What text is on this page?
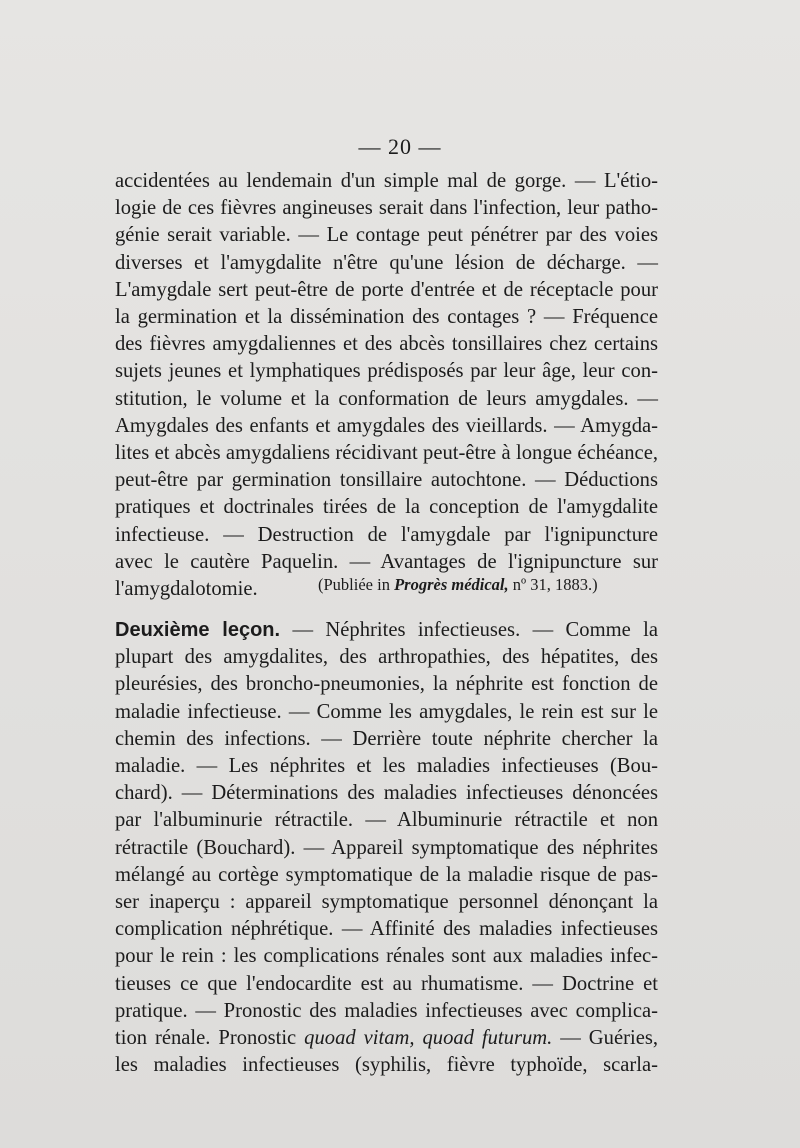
— 20 —
accidentées au lendemain d'un simple mal de gorge. — L'étio-
logie de ces fièvres angineuses serait dans l'infection, leur patho-
génie serait variable. — Le contage peut pénétrer par des voies
diverses et l'amygdalite n'être qu'une lésion de décharge. —
L'amygdale sert peut-être de porte d'entrée et de réceptacle pour
la germination et la dissémination des contages ? — Fréquence
des fièvres amygdaliennes et des abcès tonsillaires chez certains
sujets jeunes et lymphatiques prédisposés par leur âge, leur con-
stitution, le volume et la conformation de leurs amygdales. —
Amygdales des enfants et amygdales des vieillards. — Amygda-
lites et abcès amygdaliens récidivant peut-être à longue échéance,
peut-être par germination tonsillaire autochtone. — Déductions
pratiques et doctrinales tirées de la conception de l'amygdalite
infectieuse. — Destruction de l'amygdale par l'ignipuncture
avec le cautère Paquelin. — Avantages de l'ignipuncture sur
l'amygdalotomie.	(Publiée in Progrès médical, nº 31, 1883.)
Deuxième leçon. — Néphrites infectieuses. — Comme la
plupart des amygdalites, des arthropathies, des hépatites, des
pleurésies, des broncho-pneumonies, la néphrite est fonction de
maladie infectieuse. — Comme les amygdales, le rein est sur le
chemin des infections. — Derrière toute néphrite chercher la
maladie. — Les néphrites et les maladies infectieuses (Bou-
chard). — Déterminations des maladies infectieuses dénoncées
par l'albuminurie rétractile. — Albuminurie rétractile et non
rétractile (Bouchard). — Appareil symptomatique des néphrites
mélangé au cortège symptomatique de la maladie risque de pas-
ser inaperçu : appareil symptomatique personnel dénonçant la
complication néphrétique. — Affinité des maladies infectieuses
pour le rein : les complications rénales sont aux maladies infec-
tieuses ce que l'endocardite est au rhumatisme. — Doctrine et
pratique. — Pronostic des maladies infectieuses avec complica-
tion rénale. Pronostic quoad vitam, quoad futurum. — Guéries,
les maladies infectieuses (syphilis, fièvre typhoïde, scarla-
